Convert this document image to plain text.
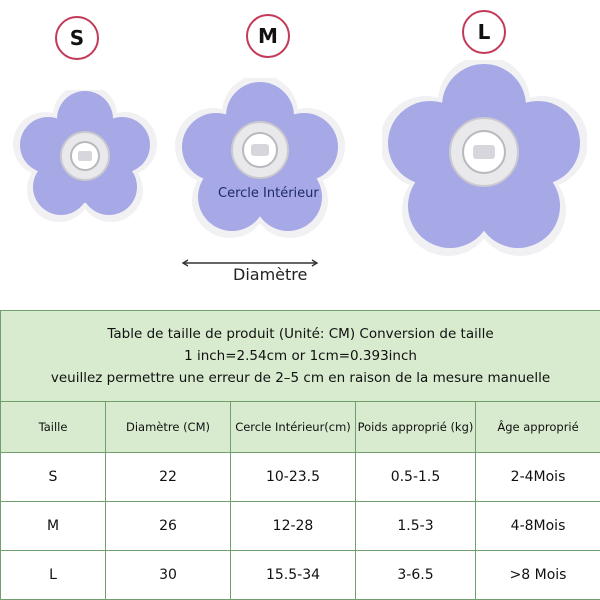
S	M	L
Cercle Intérieur
Diamètre
Table de taille de produit (Unité: CM) Conversion de taille
1 inch=2.54cm or 1cm=0.393inch
veuillez permettre une erreur de 2–5 cm en raison de la mesure manuelle				

Taille	Diamètre (CM)	Cercle Intérieur(cm)	Poids approprié (kg)	Âge approprié
S	22	10-23.5	0.5-1.5	2-4Mois
M	26	12-28	1.5-3	4-8Mois
L	30	15.5-34	3-6.5	>8 Mois
